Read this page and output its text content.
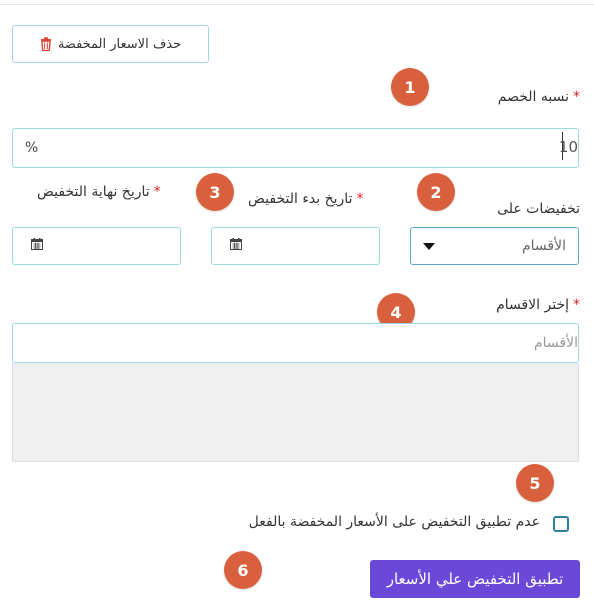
حذف الاسعار المخفضة
1
*نسبه الخصم
%	10
2
3
*تاريخ نهاية التخفيض	*تاريخ بدء التخفيض
تخفيضات على
الأقسام
4	*إختر الاقسام
الأقسام
5
عدم تطبيق التخفيض على الأسعار المخفضة بالفعل
6	تطبيق التخفيض علي الأسعار
